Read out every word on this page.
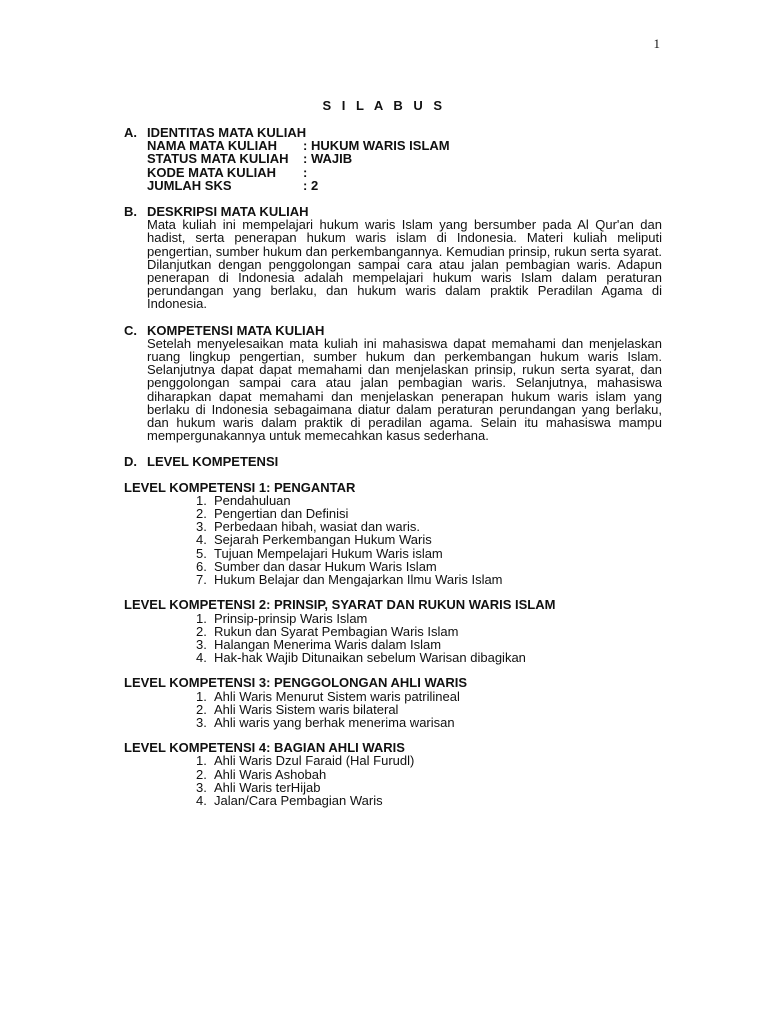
1
S I L A B U S
A. IDENTITAS MATA KULIAH
NAMA MATA KULIAH	: HUKUM WARIS ISLAM
STATUS MATA KULIAH	: WAJIB
KODE MATA KULIAH	:
JUMLAH SKS	: 2
B. DESKRIPSI MATA KULIAH
Mata kuliah ini mempelajari hukum waris Islam yang bersumber pada Al Qur'an dan hadist, serta penerapan hukum waris islam di Indonesia. Materi kuliah meliputi pengertian, sumber hukum dan perkembangannya. Kemudian prinsip, rukun serta syarat. Dilanjutkan dengan penggolongan sampai cara atau jalan pembagian waris. Adapun penerapan di Indonesia adalah mempelajari hukum waris Islam dalam peraturan perundangan yang berlaku, dan hukum waris dalam praktik Peradilan Agama di Indonesia.
C. KOMPETENSI MATA KULIAH
Setelah menyelesaikan mata kuliah ini mahasiswa dapat memahami dan menjelaskan ruang lingkup pengertian, sumber hukum dan perkembangan hukum waris Islam. Selanjutnya dapat dapat memahami dan menjelaskan prinsip, rukun serta syarat, dan penggolongan sampai cara atau jalan pembagian waris. Selanjutnya, mahasiswa diharapkan dapat memahami dan menjelaskan penerapan hukum waris islam yang berlaku di Indonesia sebagaimana diatur dalam peraturan perundangan yang berlaku, dan hukum waris dalam praktik di peradilan agama. Selain itu mahasiswa mampu mempergunakannya untuk memecahkan kasus sederhana.
D. LEVEL KOMPETENSI
LEVEL KOMPETENSI 1: PENGANTAR
1. Pendahuluan
2. Pengertian dan Definisi
3. Perbedaan hibah, wasiat dan waris.
4. Sejarah Perkembangan Hukum Waris
5. Tujuan Mempelajari Hukum Waris islam
6. Sumber dan dasar Hukum Waris Islam
7. Hukum Belajar dan Mengajarkan Ilmu Waris Islam
LEVEL KOMPETENSI 2: PRINSIP, SYARAT DAN RUKUN WARIS ISLAM
1. Prinsip-prinsip Waris Islam
2. Rukun dan Syarat Pembagian Waris Islam
3. Halangan Menerima Waris dalam Islam
4. Hak-hak Wajib Ditunaikan sebelum Warisan dibagikan
LEVEL KOMPETENSI 3: PENGGOLONGAN AHLI WARIS
1. Ahli Waris Menurut Sistem waris patrilineal
2. Ahli Waris Sistem waris bilateral
3. Ahli waris yang berhak menerima warisan
LEVEL KOMPETENSI 4: BAGIAN AHLI WARIS
1. Ahli Waris Dzul Faraid (Hal Furudl)
2. Ahli Waris Ashobah
3. Ahli Waris terHijab
4. Jalan/Cara Pembagian Waris
